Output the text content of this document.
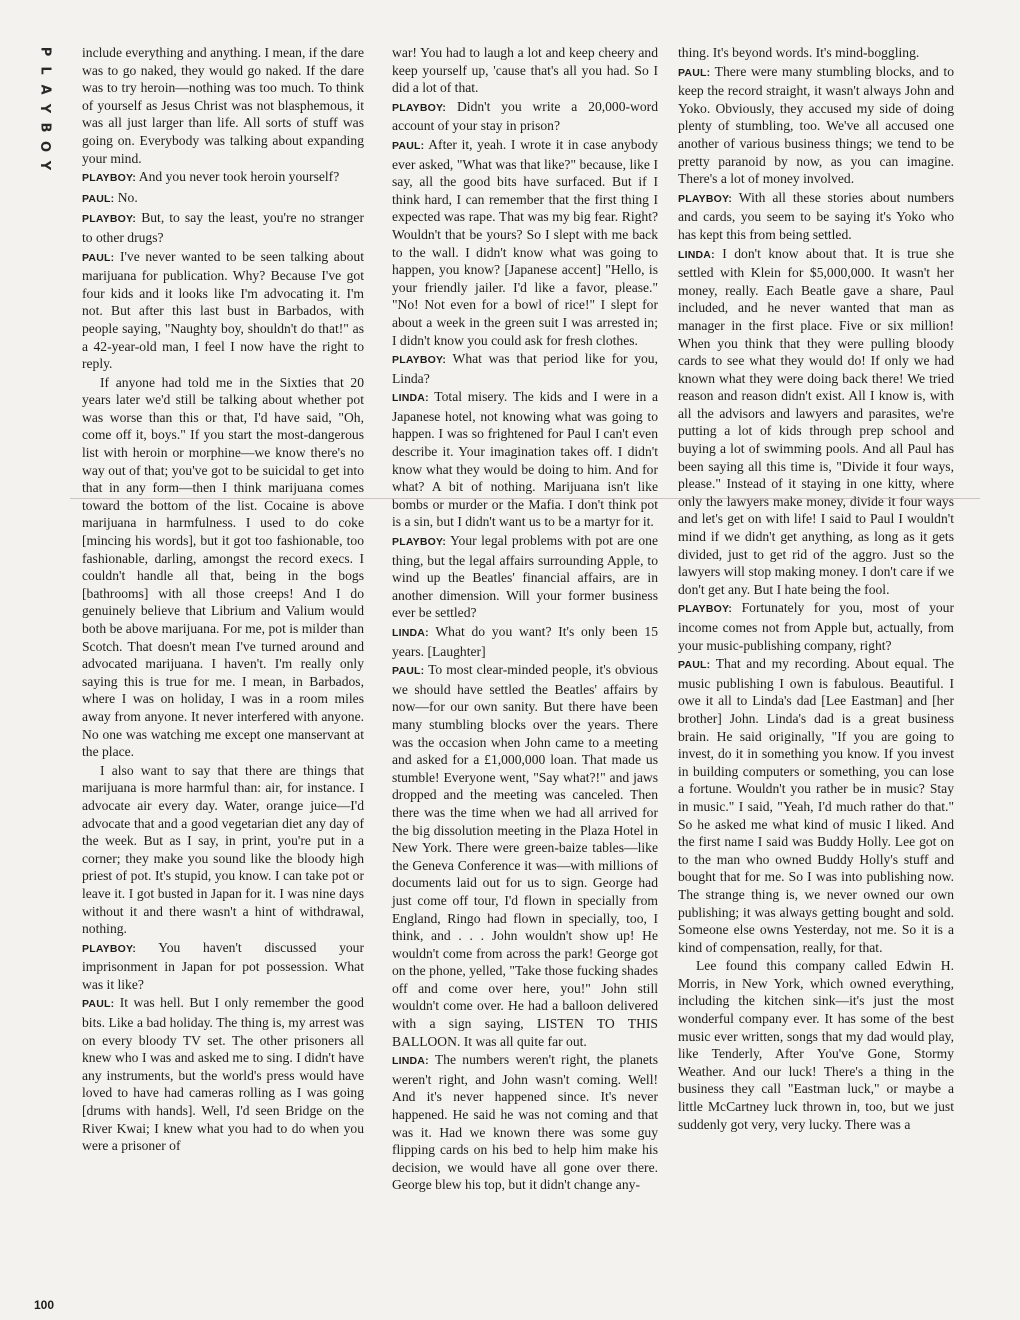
P
L
A
Y
B
O
Y

include everything and anything. I mean, if the dare was to go naked, they would go naked. If the dare was to try heroin—nothing was too much. To think of yourself as Jesus Christ was not blasphemous, it was all just larger than life. All sorts of stuff was going on. Everybody was talking about expanding your mind.

PLAYBOY: And you never took heroin yourself?

PAUL: No.

PLAYBOY: But, to say the least, you're no stranger to other drugs?

PAUL: I've never wanted to be seen talking about marijuana for publication. Why? Because I've got four kids and it looks like I'm advocating it. I'm not. But after this last bust in Barbados, with people saying, "Naughty boy, shouldn't do that!" as a 42-year-old man, I feel I now have the right to reply.

If anyone had told me in the Sixties that 20 years later we'd still be talking about whether pot was worse than this or that, I'd have said, "Oh, come off it, boys." If you start the most-dangerous list with heroin or morphine—we know there's no way out of that; you've got to be suicidal to get into that in any form—then I think marijuana comes toward the bottom of the list. Cocaine is above marijuana in harmfulness. I used to do coke [mincing his words], but it got too fashionable, too fashionable, darling, amongst the record execs. I couldn't handle all that, being in the bogs [bathrooms] with all those creeps! And I do genuinely believe that Librium and Valium would both be above marijuana. For me, pot is milder than Scotch. That doesn't mean I've turned around and advocated marijuana. I haven't. I'm really only saying this is true for me. I mean, in Barbados, where I was on holiday, I was in a room miles away from anyone. It never interfered with anyone. No one was watching me except one manservant at the place.

I also want to say that there are things that marijuana is more harmful than: air, for instance. I advocate air every day. Water, orange juice—I'd advocate that and a good vegetarian diet any day of the week. But as I say, in print, you're put in a corner; they make you sound like the bloody high priest of pot. It's stupid, you know. I can take pot or leave it. I got busted in Japan for it. I was nine days without it and there wasn't a hint of withdrawal, nothing.

PLAYBOY: You haven't discussed your imprisonment in Japan for pot possession. What was it like?

PAUL: It was hell. But I only remember the good bits. Like a bad holiday. The thing is, my arrest was on every bloody TV set. The other prisoners all knew who I was and asked me to sing. I didn't have any instruments, but the world's press would have loved to have had cameras rolling as I was going [drums with hands]. Well, I'd seen Bridge on the River Kwai; I knew what you had to do when you were a prisoner of

war! You had to laugh a lot and keep cheery and keep yourself up, 'cause that's all you had. So I did a lot of that.

PLAYBOY: Didn't you write a 20,000-word account of your stay in prison?

PAUL: After it, yeah. I wrote it in case anybody ever asked, "What was that like?" because, like I say, all the good bits have surfaced. But if I think hard, I can remember that the first thing I expected was rape. That was my big fear. Right? Wouldn't that be yours? So I slept with me back to the wall. I didn't know what was going to happen, you know? [Japanese accent] "Hello, is your friendly jailer. I'd like a favor, please." "No! Not even for a bowl of rice!" I slept for about a week in the green suit I was arrested in; I didn't know you could ask for fresh clothes.

PLAYBOY: What was that period like for you, Linda?

LINDA: Total misery. The kids and I were in a Japanese hotel, not knowing what was going to happen. I was so frightened for Paul I can't even describe it. Your imagination takes off. I didn't know what they would be doing to him. And for what? A bit of nothing. Marijuana isn't like bombs or murder or the Mafia. I don't think pot is a sin, but I didn't want us to be a martyr for it.

PLAYBOY: Your legal problems with pot are one thing, but the legal affairs surrounding Apple, to wind up the Beatles' financial affairs, are in another dimension. Will your former business ever be settled?

LINDA: What do you want? It's only been 15 years. [Laughter]

PAUL: To most clear-minded people, it's obvious we should have settled the Beatles' affairs by now—for our own sanity. But there have been many stumbling blocks over the years. There was the occasion when John came to a meeting and asked for a £1,000,000 loan. That made us stumble! Everyone went, "Say what?!" and jaws dropped and the meeting was canceled. Then there was the time when we had all arrived for the big dissolution meeting in the Plaza Hotel in New York. There were green-baize tables—like the Geneva Conference it was—with millions of documents laid out for us to sign. George had just come off tour, I'd flown in specially from England, Ringo had flown in specially, too, I think, and . . . John wouldn't show up! He wouldn't come from across the park! George got on the phone, yelled, "Take those fucking shades off and come over here, you!" John still wouldn't come over. He had a balloon delivered with a sign saying, LISTEN TO THIS BALLOON. It was all quite far out.

LINDA: The numbers weren't right, the planets weren't right, and John wasn't coming. Well! And it's never happened since. It's never happened. He said he was not coming and that was it. Had we known there was some guy flipping cards on his bed to help him make his decision, we would have all gone over there. George blew his top, but it didn't change any-

thing. It's beyond words. It's mind-boggling.

PAUL: There were many stumbling blocks, and to keep the record straight, it wasn't always John and Yoko. Obviously, they accused my side of doing plenty of stumbling, too. We've all accused one another of various business things; we tend to be pretty paranoid by now, as you can imagine. There's a lot of money involved.

PLAYBOY: With all these stories about numbers and cards, you seem to be saying it's Yoko who has kept this from being settled.

LINDA: I don't know about that. It is true she settled with Klein for $5,000,000. It wasn't her money, really. Each Beatle gave a share, Paul included, and he never wanted that man as manager in the first place. Five or six million! When you think that they were pulling bloody cards to see what they would do! If only we had known what they were doing back there! We tried reason and reason didn't exist. All I know is, with all the advisors and lawyers and parasites, we're putting a lot of kids through prep school and buying a lot of swimming pools. And all Paul has been saying all this time is, "Divide it four ways, please." Instead of it staying in one kitty, where only the lawyers make money, divide it four ways and let's get on with life! I said to Paul I wouldn't mind if we didn't get anything, as long as it gets divided, just to get rid of the aggro. Just so the lawyers will stop making money. I don't care if we don't get any. But I hate being the fool.

PLAYBOY: Fortunately for you, most of your income comes not from Apple but, actually, from your music-publishing company, right?

PAUL: That and my recording. About equal. The music publishing I own is fabulous. Beautiful. I owe it all to Linda's dad [Lee Eastman] and [her brother] John. Linda's dad is a great business brain. He said originally, "If you are going to invest, do it in something you know. If you invest in building computers or something, you can lose a fortune. Wouldn't you rather be in music? Stay in music." I said, "Yeah, I'd much rather do that." So he asked me what kind of music I liked. And the first name I said was Buddy Holly. Lee got on to the man who owned Buddy Holly's stuff and bought that for me. So I was into publishing now. The strange thing is, we never owned our own publishing; it was always getting bought and sold. Someone else owns Yesterday, not me. So it is a kind of compensation, really, for that.

Lee found this company called Edwin H. Morris, in New York, which owned everything, including the kitchen sink—it's just the most wonderful company ever. It has some of the best music ever written, songs that my dad would play, like Tenderly, After You've Gone, Stormy Weather. And our luck! There's a thing in the business they call "Eastman luck," or maybe a little McCartney luck thrown in, too, but we just suddenly got very, very lucky. There was a

100
